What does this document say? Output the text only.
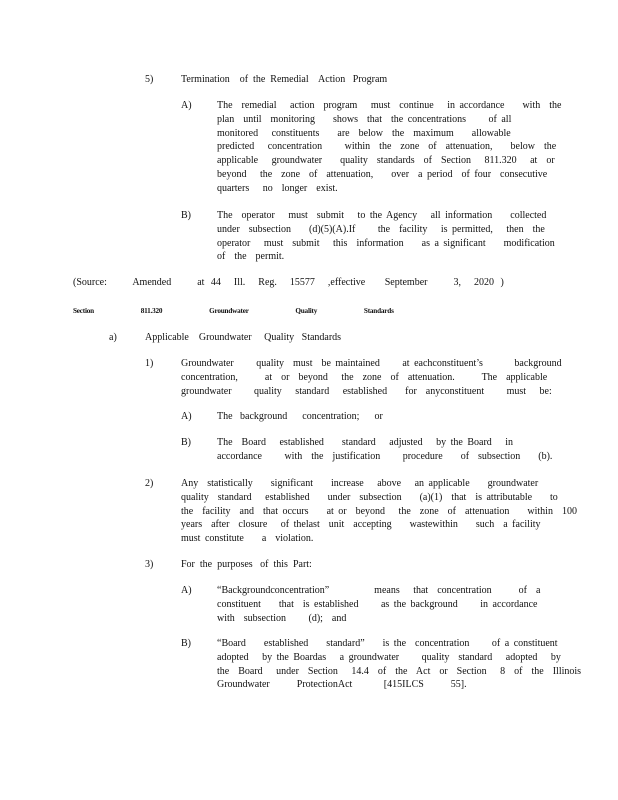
5)	Termination    of  the  Remedial    Action   Program

A)	The  remedial   action  program   must  continue   in accordance    with  the
plan  until  monitoring    shows  that  the concentrations     of all
monitored   constituents    are  below  the  maximum    allowable
predicted   concentration     within  the  zone  of  attenuation,    below  the
applicable   groundwater    quality  standards  of  Section   811.320   at  or
beyond   the  zone  of  attenuation,    over  a period  of four  consecutive
quarters   no  longer  exist.

B)	The  operator   must  submit   to the Agency   all information    collected
under  subsection    (d)(5)(A).If     the  facility   is permitted,   then  the
operator   must  submit   this  information    as a significant    modification
of  the  permit.

(Source:    Amended    at 44  Ill.  Reg.  15577  ,effective   September    3,  2020 )

Section   811.320   Groundwater   Quality   Standards

a)	Applicable    Groundwater     Quality   Standards

1)	Groundwater     quality  must  be maintained     at eachconstituent’s       background
concentration,      at  or  beyond   the  zone  of  attenuation.      The  applicable
groundwater     quality   standard   established    for  anyconstituent     must   be:

A)	The   background      concentration;      or

B)	The  Board   established    standard   adjusted   by the Board   in
accordance     with  the  justification     procedure    of  subsection    (b).

2)	Any  statistically    significant    increase   above   an applicable    groundwater
quality  standard   established    under  subsection    (a)(1)  that  is attributable    to
the  facility  and  that occurs    at or  beyond   the  zone  of  attenuation    within  100
years  after  closure   of thelast  unit  accepting    wastewithin    such  a facility
must constitute    a  violation.

3)	For  the  purposes   of  this  Part:

A)	“Backgroundconcentration”          means   that  concentration      of  a
constituent    that  is established     as the background     in accordance
with  subsection     (d);  and

B)	“Board    established    standard”    is the  concentration     of a constituent
adopted   by the Boardas   a groundwater     quality  standard   adopted   by
the  Board   under  Section   14.4  of  the  Act  or  Section   8  of  the  Illinois
Groundwater      ProtectionAct       [415ILCS      55].
